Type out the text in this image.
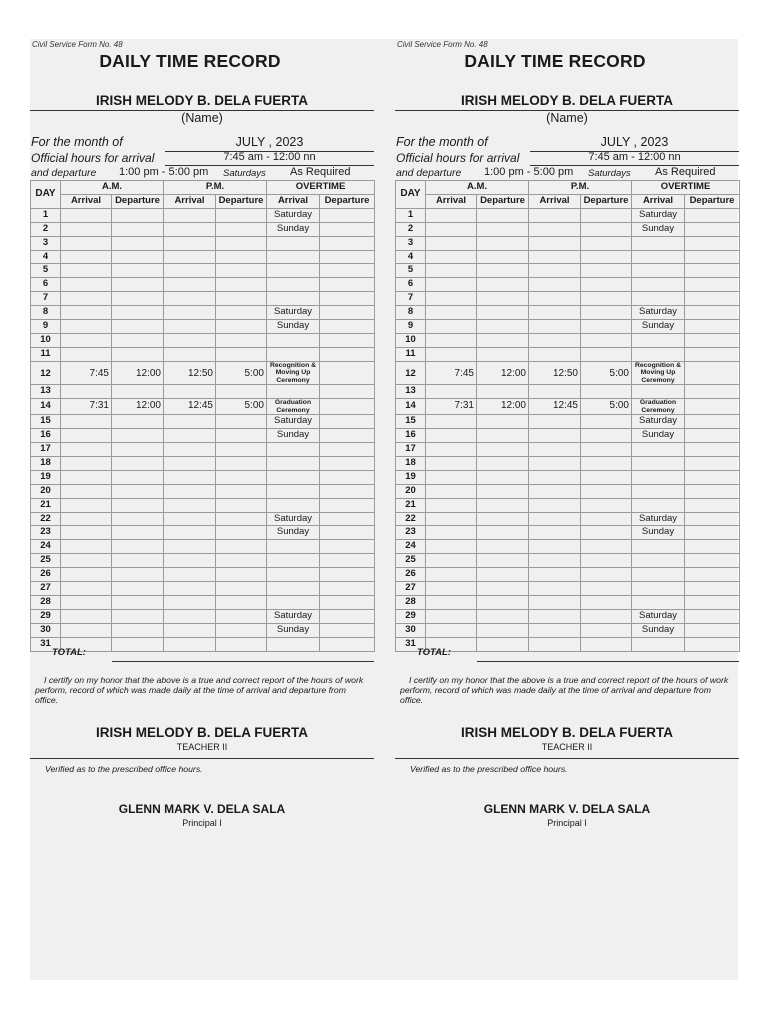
Civil Service Form No. 48
DAILY TIME RECORD
IRISH MELODY B. DELA FUERTA
(Name)
For the month of	JULY , 2023
Official hours for arrival	7:45 am - 12:00 nn
and departure 1:00 pm - 5:00 pm Saturdays As Required
DAY	A.M.		P.M.		OVERTIME	
	Arrival	Departure	Arrival	Departure	Arrival	Departure
1					Saturday	
2					Sunday	
3						
4						
5						
6						
7						
8					Saturday	
9					Sunday	
10						
11						
12	7:45	12:00	12:50	5:00	Recognition & Moving Up Ceremony	
13						
14	7:31	12:00	12:45	5:00	Graduation Ceremony	
15					Saturday	
16					Sunday	
17						
18						
19						
20						
21						
22					Saturday	
23					Sunday	
24						
25						
26						
27						
28						
29					Saturday	
30					Sunday	
31						
TOTAL:
I certify on my honor that the above is a true and correct report of the hours of work perform, record of which was made daily at the time of arrival and departure from office.
IRISH MELODY B. DELA FUERTA
TEACHER II
Verified as to the prescribed office hours.
GLENN MARK V. DELA SALA
Principal I
Civil Service Form No. 48
DAILY TIME RECORD
IRISH MELODY B. DELA FUERTA
(Name)
For the month of	JULY , 2023
Official hours for arrival	7:45 am - 12:00 nn
and departure 1:00 pm - 5:00 pm Saturdays As Required
DAY	A.M.		P.M.		OVERTIME	
	Arrival	Departure	Arrival	Departure	Arrival	Departure
1					Saturday	
2					Sunday	
3						
4						
5						
6						
7						
8					Saturday	
9					Sunday	
10						
11						
12	7:45	12:00	12:50	5:00	Recognition & Moving Up Ceremony	
13						
14	7:31	12:00	12:45	5:00	Graduation Ceremony	
15					Saturday	
16					Sunday	
17						
18						
19						
20						
21						
22					Saturday	
23					Sunday	
24						
25						
26						
27						
28						
29					Saturday	
30					Sunday	
31						
TOTAL:
I certify on my honor that the above is a true and correct report of the hours of work perform, record of which was made daily at the time of arrival and departure from office.
IRISH MELODY B. DELA FUERTA
TEACHER II
Verified as to the prescribed office hours.
GLENN MARK V. DELA SALA
Principal I
